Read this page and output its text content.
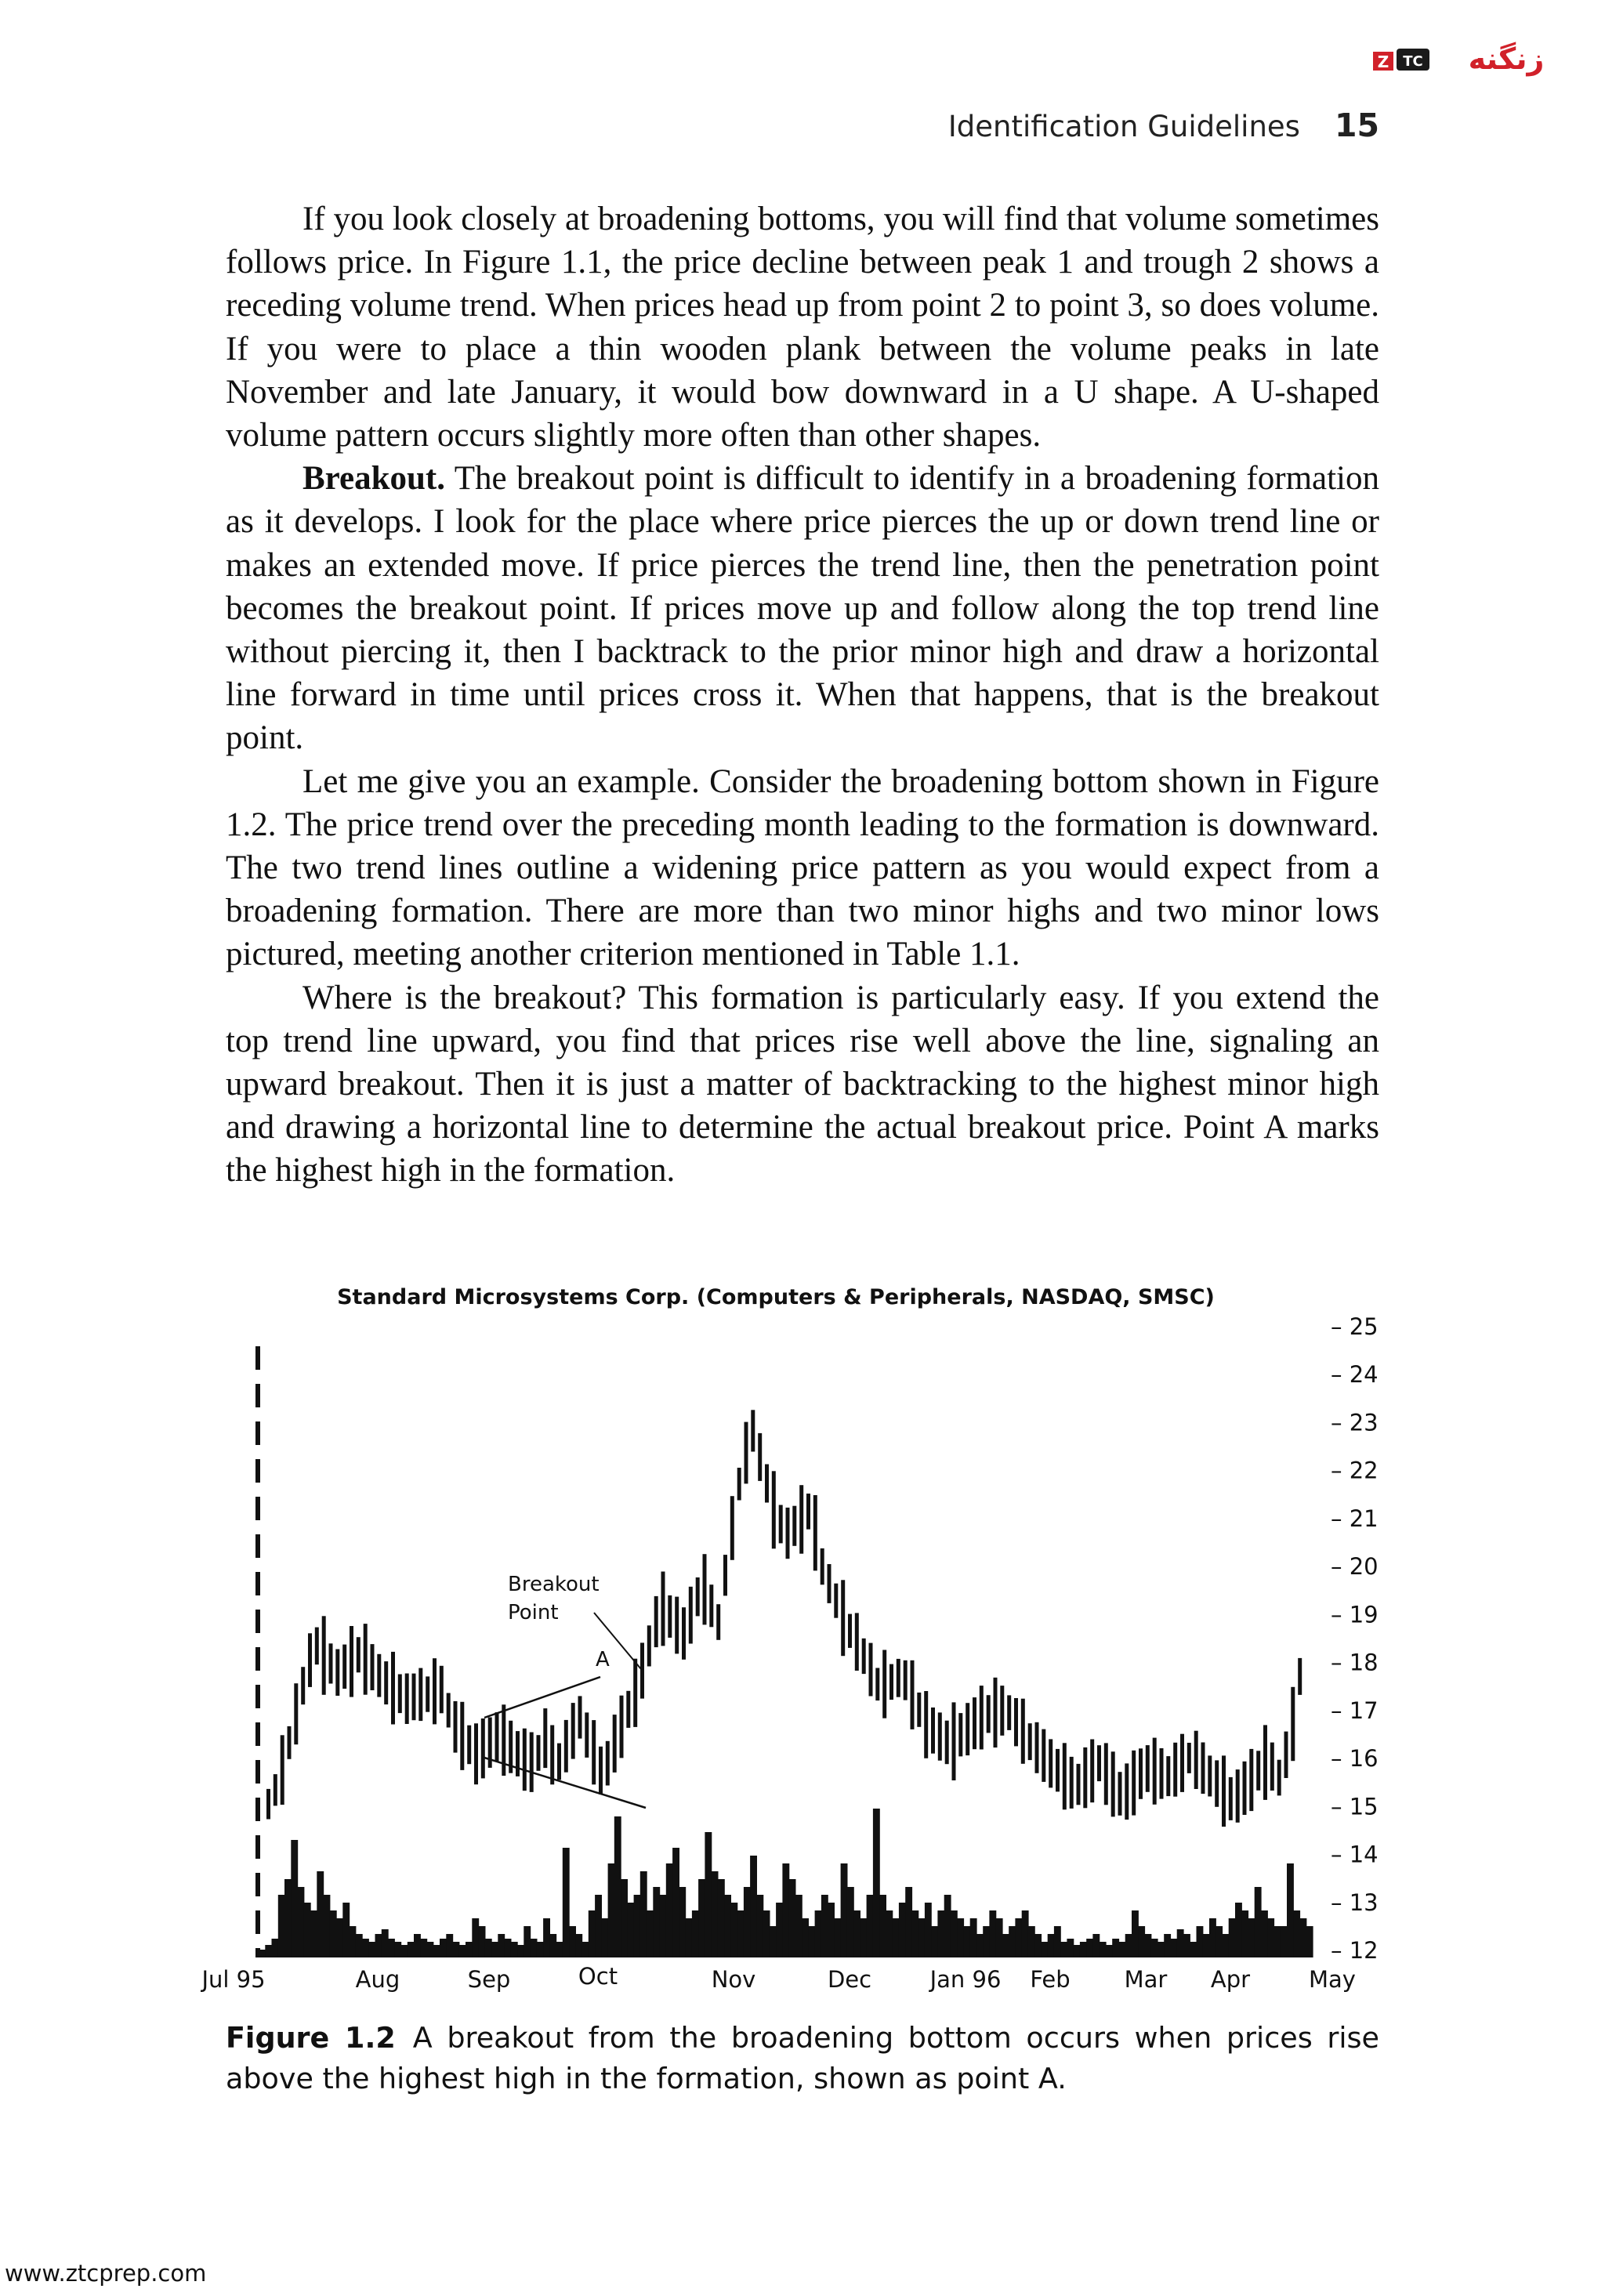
Z TC زنگنه
Identification Guidelines 15

If you look closely at broadening bottoms, you will find that volume sometimes follows price. In Figure 1.1, the price decline between peak 1 and trough 2 shows a receding volume trend. When prices head up from point 2 to point 3, so does volume. If you were to place a thin wooden plank between the volume peaks in late November and late January, it would bow downward in a U shape. A U-shaped volume pattern occurs slightly more often than other shapes.

Breakout. The breakout point is difficult to identify in a broadening formation as it develops. I look for the place where price pierces the up or down trend line or makes an extended move. If price pierces the trend line, then the penetration point becomes the breakout point. If prices move up and follow along the top trend line without piercing it, then I backtrack to the prior minor high and draw a horizontal line forward in time until prices cross it. When that happens, that is the breakout point.

Let me give you an example. Consider the broadening bottom shown in Figure 1.2. The price trend over the preceding month leading to the formation is downward. The two trend lines outline a widening price pattern as you would expect from a broadening formation. There are more than two minor highs and two minor lows pictured, meeting another criterion mentioned in Table 1.1.

Where is the breakout? This formation is particularly easy. If you extend the top trend line upward, you find that prices rise well above the line, signaling an upward breakout. Then it is just a matter of backtracking to the highest minor high and drawing a horizontal line to determine the actual breakout price. Point A marks the highest high in the formation.

Standard Microsystems Corp. (Computers & Peripherals, NASDAQ, SMSC)
– 25
– 24
– 23
– 22
– 21
– 20
– 19
– 18
– 17
– 16
– 15
– 14
– 13
– 12
Jul 95	Aug	Sep	Oct	Nov	Dec	Jan 96 Feb Mar Apr	May
Breakout
Point
A
Figure 1.2 A breakout from the broadening bottom occurs when prices rise above the highest high in the formation, shown as point A.
www.ztcprep.com
